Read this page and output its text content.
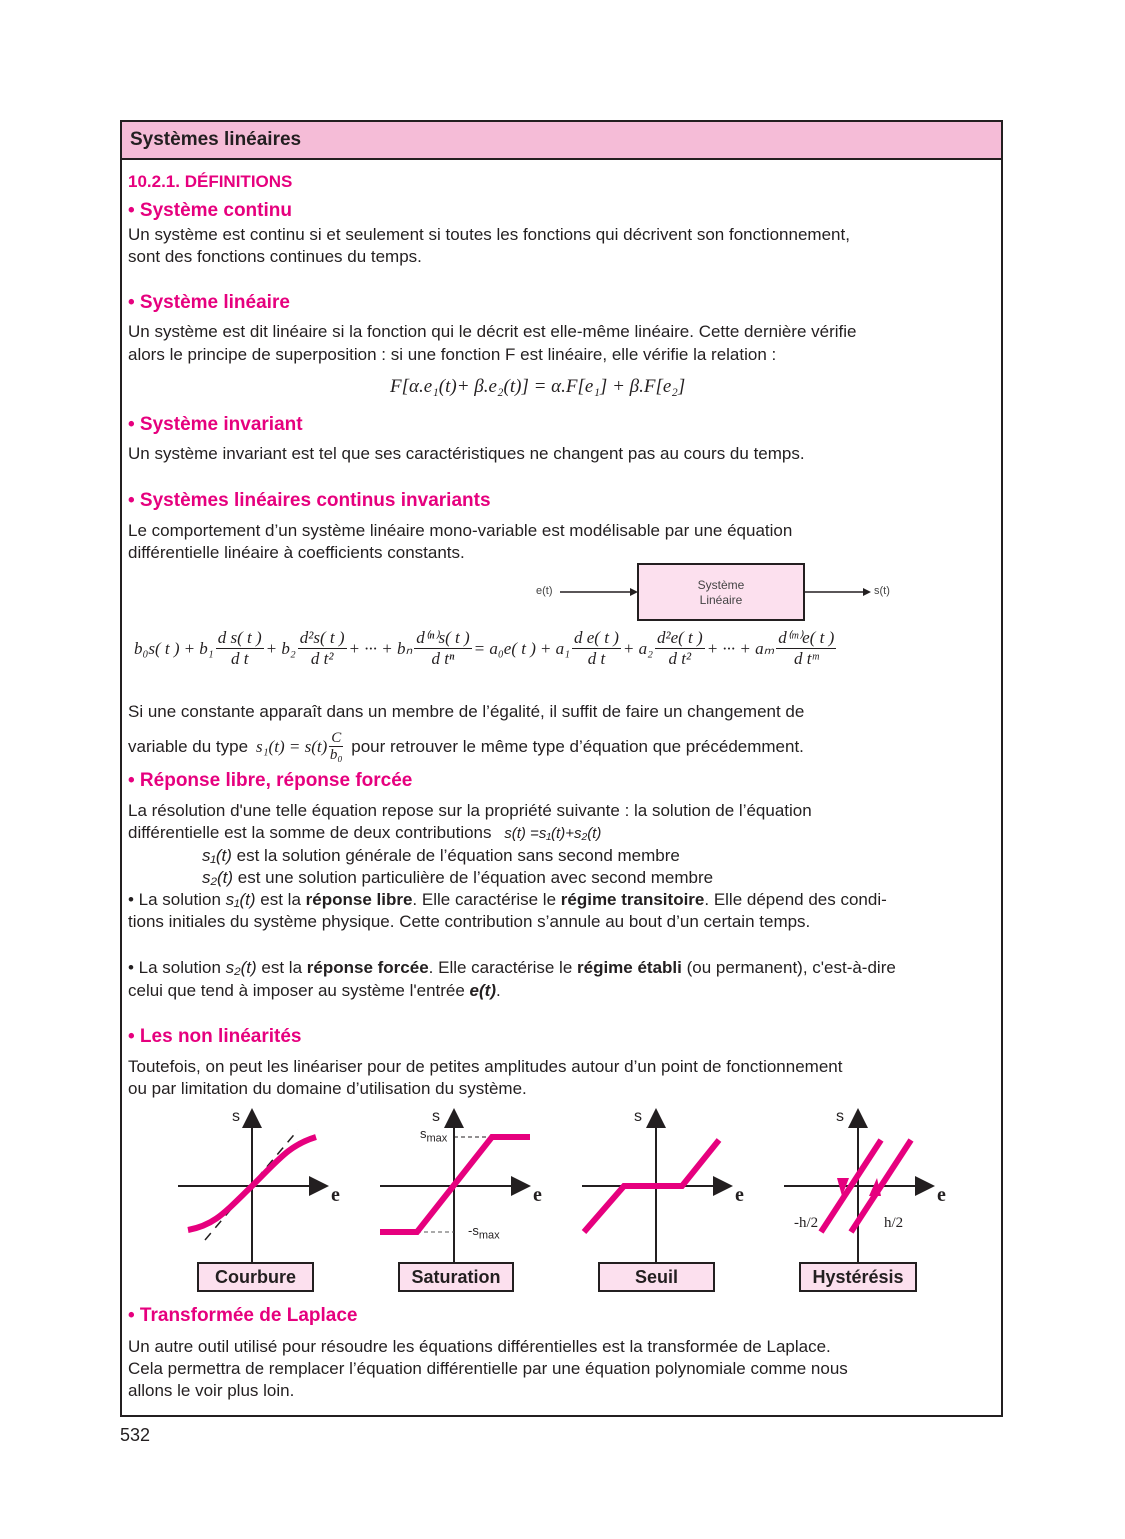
Systèmes linéaires
10.2.1. DÉFINITIONS
• Système continu
Un système est continu si et seulement si toutes les fonctions qui décrivent son fonctionnement,
sont des fonctions continues du temps.
• Système linéaire
Un système est dit linéaire si la fonction qui le décrit est elle-même linéaire. Cette dernière vérifie
alors le principe de superposition : si une fonction F est linéaire, elle vérifie la relation :
F[α.e₁(t)+ β.e₂(t)] = α.F[e₁] + β.F[e₂]
• Système invariant
Un système invariant est tel que ses caractéristiques ne changent pas au cours du temps.
• Systèmes linéaires continus invariants
Le comportement d’un système linéaire mono-variable est modélisable par une équation
différentielle linéaire à coefficients constants.
e(t)	Système
Linéaire
s(t)
b₀s( t ) + $b_1 \frac{\text{d s( t )}}{\text{d t}} + b_2 \frac{\text{d²s( t )}}{\text{d t²}}$ + ··· + bₙ $\frac{\text{d⁽ⁿ⁾s( t )}}{\text{d tⁿ}} = a_0e$( t ) + $a_1 \frac{\text{d e( t )}}{\text{d t}} + a_2 \frac{\text{d²e( t )}}{\text{d t²}}$ + ··· + aₘ $\frac{\text{d⁽ᵐ⁾e( t )}}{\text{d tᵐ}}$
Si une constante apparaît dans un membre de l’égalité, il suffit de faire un changement de
variable du type $s_1(t) = s(t) \frac{C}{\text{b₀}}$ pour retrouver le même type d’équation que précédemment.
• Réponse libre, réponse forcée
La résolution d'une telle équation repose sur la propriété suivante : la solution de l’équation
différentielle est la somme de deux contributions s(t) =s₁(t)+s₂(t)
s₁(t) est la solution générale de l’équation sans second membre
s₂(t) est une solution particulière de l’équation avec second membre
• La solution s₁(t) est la réponse libre. Elle caractérise le régime transitoire. Elle dépend des condi-
tions initiales du système physique. Cette contribution s’annule au bout d’un certain temps.
• La solution s₂(t) est la réponse forcée. Elle caractérise le régime établi (ou permanent), c'est-à-dire
celui que tend à imposer au système l'entrée e(t).
• Les non linéarités
Toutefois, on peut les linéariser pour de petites amplitudes autour d’un point de fonctionnement
ou par limitation du domaine d’utilisation du système.
s
e
s
e
$s_{max}$
$-s_{max}$
s
e
s
e
-h/2	h/2
Courbure	Saturation	Seuil	Hystérésis
• Transformée de Laplace
Un autre outil utilisé pour résoudre les équations différentielles est la transformée de Laplace.
Cela permettra de remplacer l’équation différentielle par une équation polynomiale comme nous
allons le voir plus loin.
532
